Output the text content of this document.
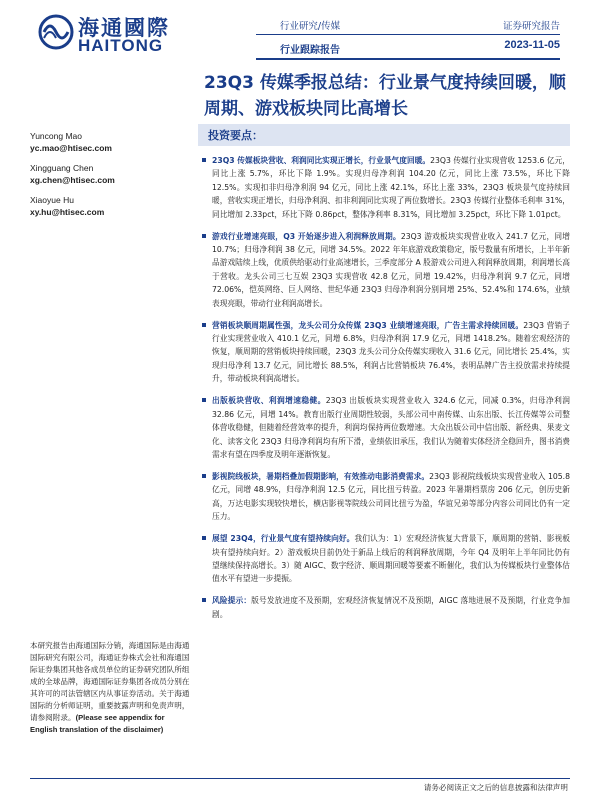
海通國際
HAITONG
行业研究/传媒
行业跟踪报告
证券研究报告
2023-11-05
23Q3 传媒季报总结：行业景气度持续回暖，顺周期、游戏板块同比高增长
Yuncong Mao
yc.mao@htisec.com
Xingguang Chen
xg.chen@htisec.com
Xiaoyue Hu
xy.hu@htisec.com
投资要点：

23Q3 传媒板块营收、利润同比实现正增长，行业景气度回暖。23Q3 传媒行业实现营收 1253.6 亿元，同比上涨 5.7%，环比下降 1.9%。实现归母净利润 104.20 亿元，同比上涨 73.5%，环比下降 12.5%。实现扣非归母净利润 94 亿元，同比上涨 42.1%，环比上涨 33%，23Q3 板块景气度持续回暖，营收实现正增长，归母净利润、扣非利润同比实现了两位数增长。23Q3 传媒行业整体毛利率 31%，同比增加 2.33pct，环比下降 0.86pct，整体净利率 8.31%，同比增加 3.25pct，环比下降 1.01pct。

游戏行业增速亮眼，Q3 开始逐步进入利润释放周期。23Q3 游戏板块实现营业收入 241.7 亿元，同增 10.7%；归母净利润 38 亿元，同增 34.5%。2022 年年底游戏政策稳定，版号数量有所增长，上半年新品游戏陆续上线，优质供给驱动行业高速增长，三季度部分 A 股游戏公司进入利润释放周期，利润增长高于营收。龙头公司三七互娱 23Q3 实现营收 42.8 亿元，同增 19.42%，归母净利润 9.7 亿元，同增 72.06%，恺英网络、巨人网络、世纪华通 23Q3 归母净利润分别同增 25%、52.4%和 174.6%，业绩表现亮眼，带动行业利润高增长。

营销板块顺周期属性强，龙头公司分众传媒 23Q3 业绩增速亮眼，广告主需求持续回暖。23Q3 营销子行业实现营业收入 410.1 亿元，同增 6.8%，归母净利润 17.9 亿元，同增 1418.2%。随着宏观经济的恢复，顺周期的营销板块持续回暖，23Q3 龙头公司分众传媒实现收入 31.6 亿元，同比增长 25.4%，实现归母净利 13.7 亿元，同比增长 88.5%，利润占比营销板块 76.4%，表明品牌广告主投放需求持续提升，带动板块利润高增长。

出版板块营收、利润增速稳健。23Q3 出版板块实现营业收入 324.6 亿元，同减 0.3%，归母净利润 32.86 亿元，同增 14%。教育出版行业周期性较弱，头部公司中南传媒、山东出版、长江传媒等公司整体营收稳健，但随着经营效率的提升，利润均保持两位数增速。大众出版公司中信出版、新经典、果麦文化、读客文化 23Q3 归母净利润均有所下滑，业绩依旧承压，我们认为随着实体经济全稳回升，图书消费需求有望在四季度及明年逐渐恢复。

影视院线板块，暑期档叠加假期影响，有效推动电影消费需求。23Q3 影视院线板块实现营业收入 105.8 亿元，同增 48.9%，归母净利润 12.5 亿元，同比扭亏转盈。2023 年暑期档票房 206 亿元，创历史新高，万达电影实现较快增长，横店影视等院线公司同比扭亏为盈，华谊兄弟等部分内容公司同比仍有一定压力。

展望 23Q4，行业景气度有望持续向好。我们认为：1）宏观经济恢复大背景下，顺周期的营销、影视板块有望持续向好。2）游戏板块目前仍处于新品上线后的利润释放周期，今年 Q4 及明年上半年同比仍有望继续保持高增长。3）随 AIGC、数字经济、顺周期回暖等要素不断催化，我们认为传媒板块行业整体估值水平有望进一步提振。

风险提示：版号发放进度不及预期，宏观经济恢复情况不及预期，AIGC 落地进展不及预期，行业竞争加剧。

本研究报告由海通国际分销，海通国际是由海通国际研究有限公司，海通证券株式会社和海通国际证券集团其他各成员单位的证券研究团队所组成的全球品牌，海通国际证券集团各成员分别在其许可的司法管辖区内从事证券活动。关于海通国际的分析师证明，重要披露声明和免责声明，请参阅附录。(Please see appendix for English translation of the disclaimer)
请务必阅读正文之后的信息披露和法律声明
